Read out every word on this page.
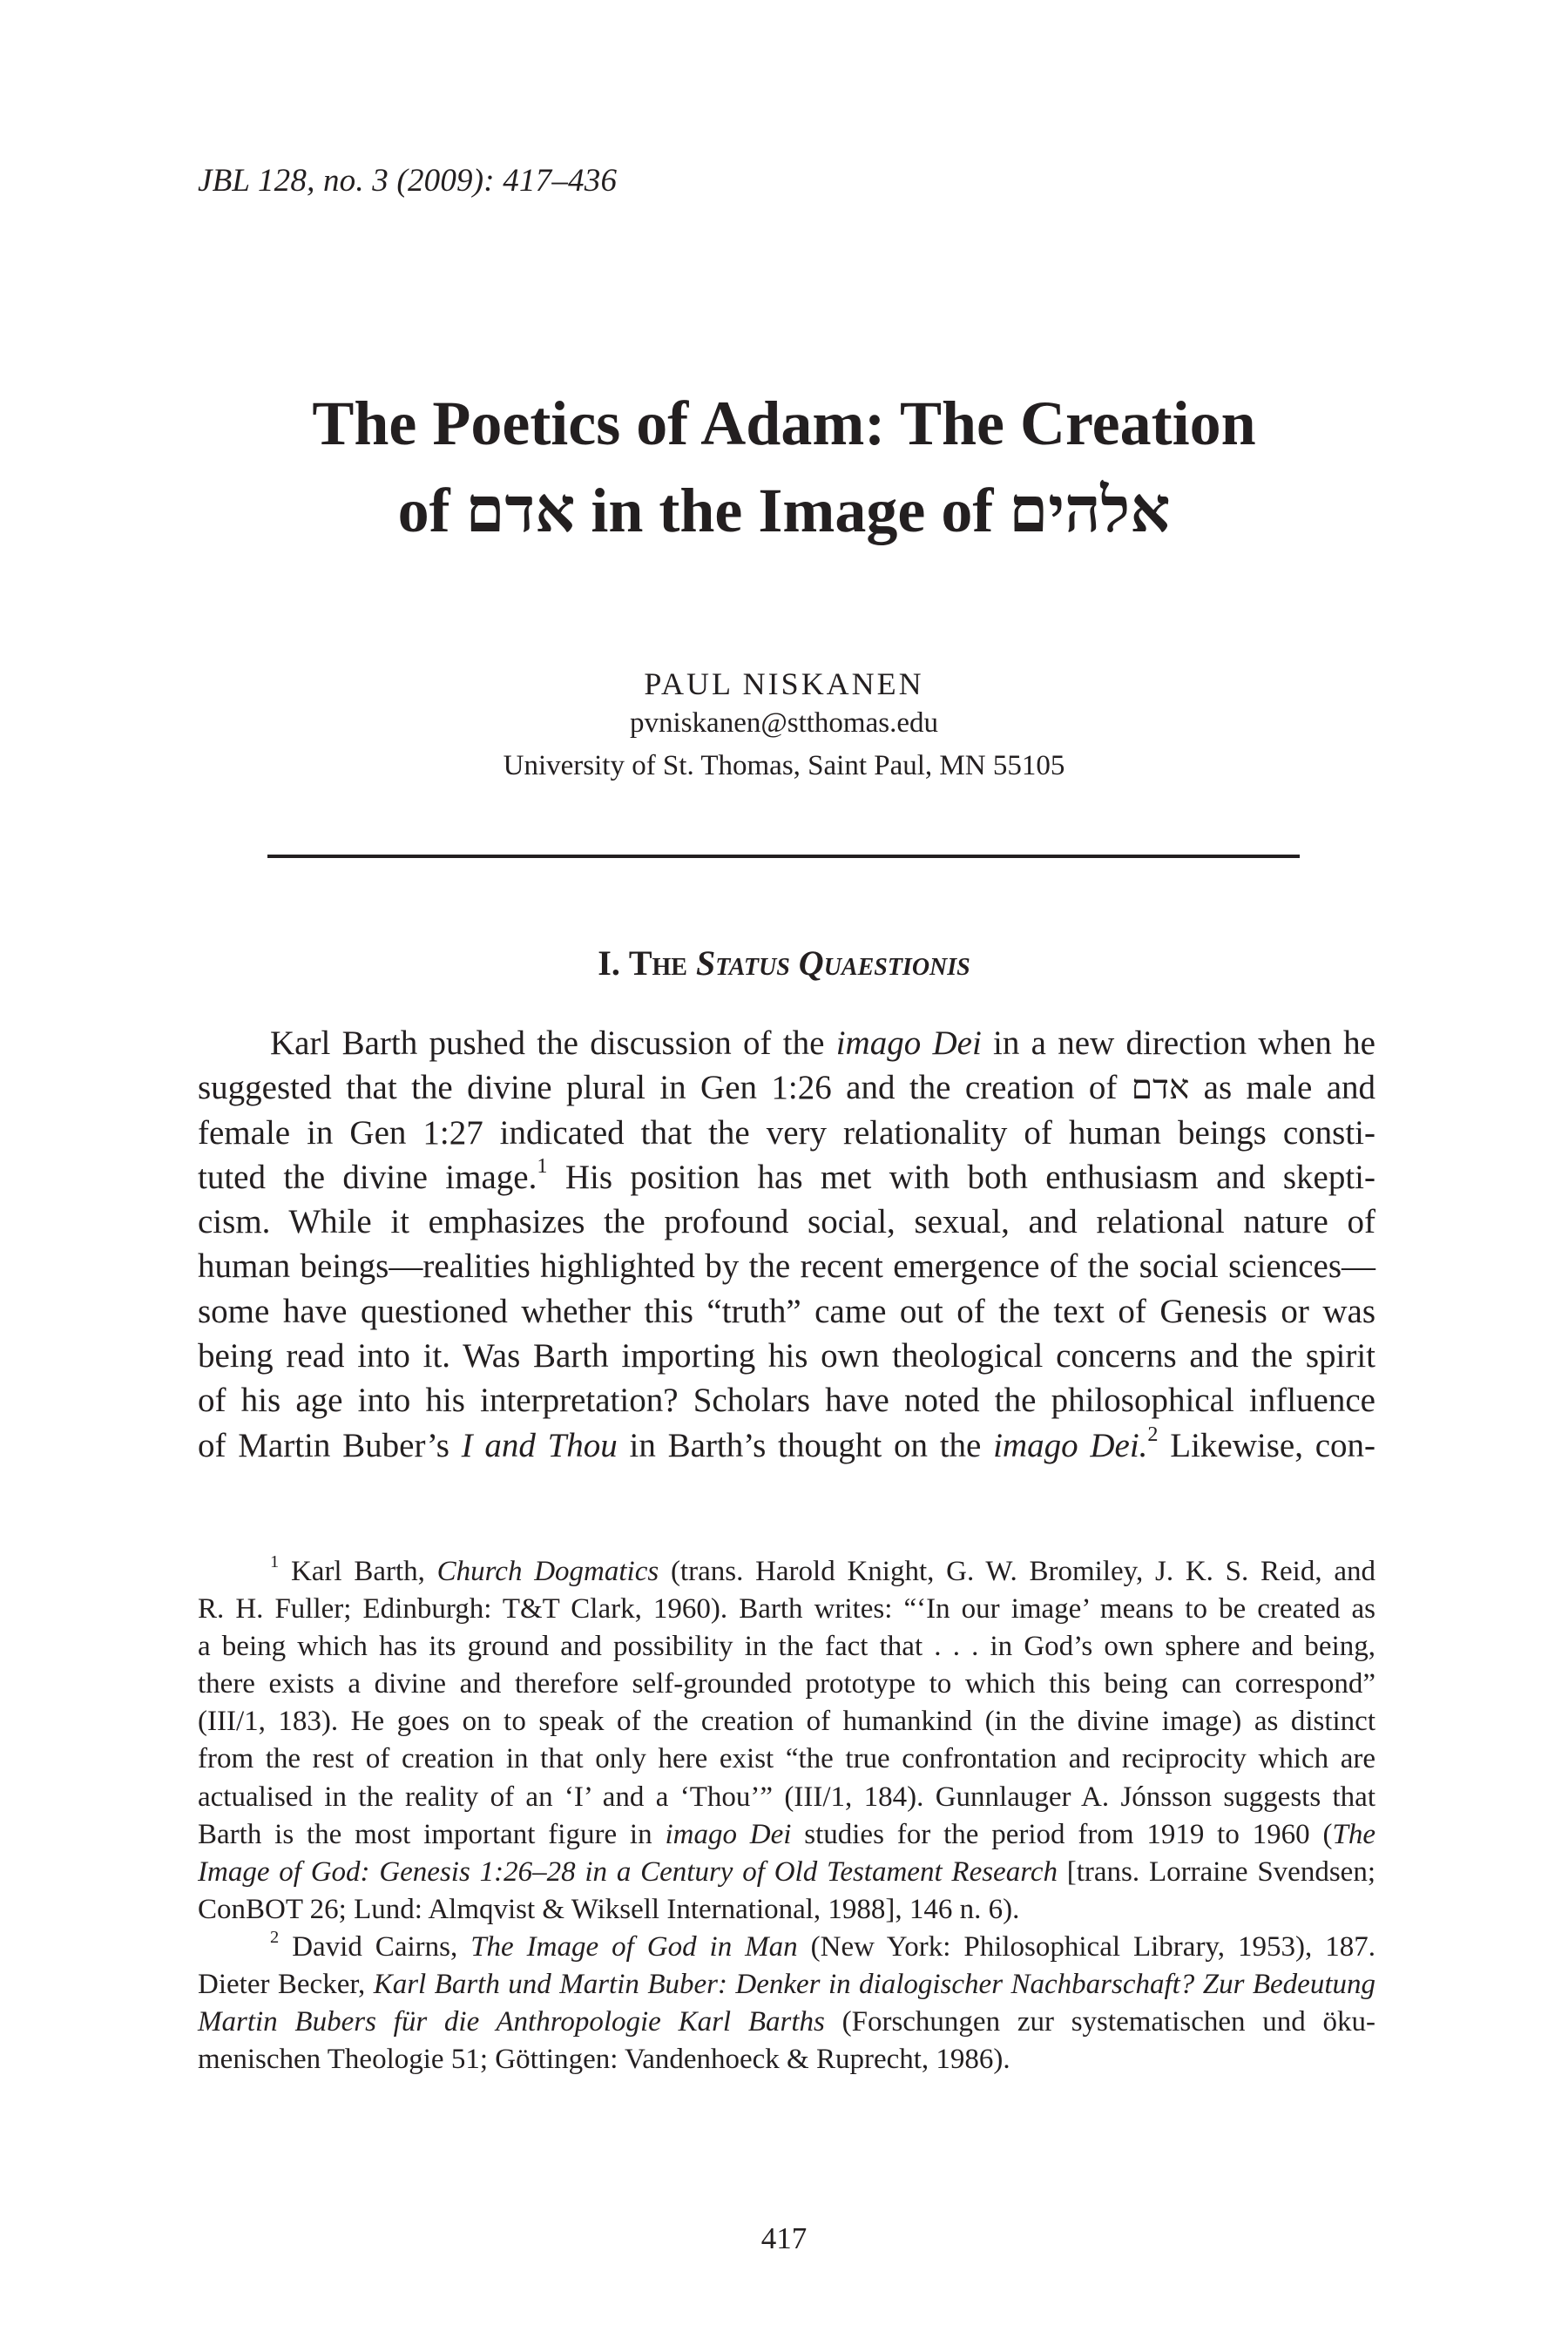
JBL 128, no. 3 (2009): 417–436
The Poetics of Adam: The Creation
of אדם in the Image of אלהים
PAUL NISKANEN
pvniskanen@stthomas.edu
University of St. Thomas, Saint Paul, MN 55105
I. The Status Quaestionis
Karl Barth pushed the discussion of the imago Dei in a new direction when he
suggested that the divine plural in Gen 1:26 and the creation of אדם as male and
female in Gen 1:27 indicated that the very relationality of human beings consti-
tuted the divine image.$^1$ His position has met with both enthusiasm and skepti-
cism. While it emphasizes the profound social, sexual, and relational nature of
human beings—realities highlighted by the recent emergence of the social sciences—
some have questioned whether this “truth” came out of the text of Genesis or was
being read into it. Was Barth importing his own theological concerns and the spirit
of his age into his interpretation? Scholars have noted the philosophical influence
of Martin Buber’s I and Thou in Barth’s thought on the imago Dei.$^2$ Likewise, con-
$^1$ Karl Barth, Church Dogmatics (trans. Harold Knight, G. W. Bromiley, J. K. S. Reid, and
R. H. Fuller; Edinburgh: T&T Clark, 1960). Barth writes: “‘In our image’ means to be created as
a being which has its ground and possibility in the fact that . . . in God’s own sphere and being,
there exists a divine and therefore self-grounded prototype to which this being can correspond”
(III/1, 183). He goes on to speak of the creation of humankind (in the divine image) as distinct
from the rest of creation in that only here exist “the true confrontation and reciprocity which are
actualised in the reality of an ‘I’ and a ‘Thou’” (III/1, 184). Gunnlauger A. Jónsson suggests that
Barth is the most important figure in imago Dei studies for the period from 1919 to 1960 (The
Image of God: Genesis 1:26–28 in a Century of Old Testament Research [trans. Lorraine Svendsen;
ConBOT 26; Lund: Almqvist & Wiksell International, 1988], 146 n. 6).
$^2$ David Cairns, The Image of God in Man (New York: Philosophical Library, 1953), 187.
Dieter Becker, Karl Barth und Martin Buber: Denker in dialogischer Nachbarschaft? Zur Bedeutung
Martin Bubers für die Anthropologie Karl Barths (Forschungen zur systematischen und öku-
menischen Theologie 51; Göttingen: Vandenhoeck & Ruprecht, 1986).
417
